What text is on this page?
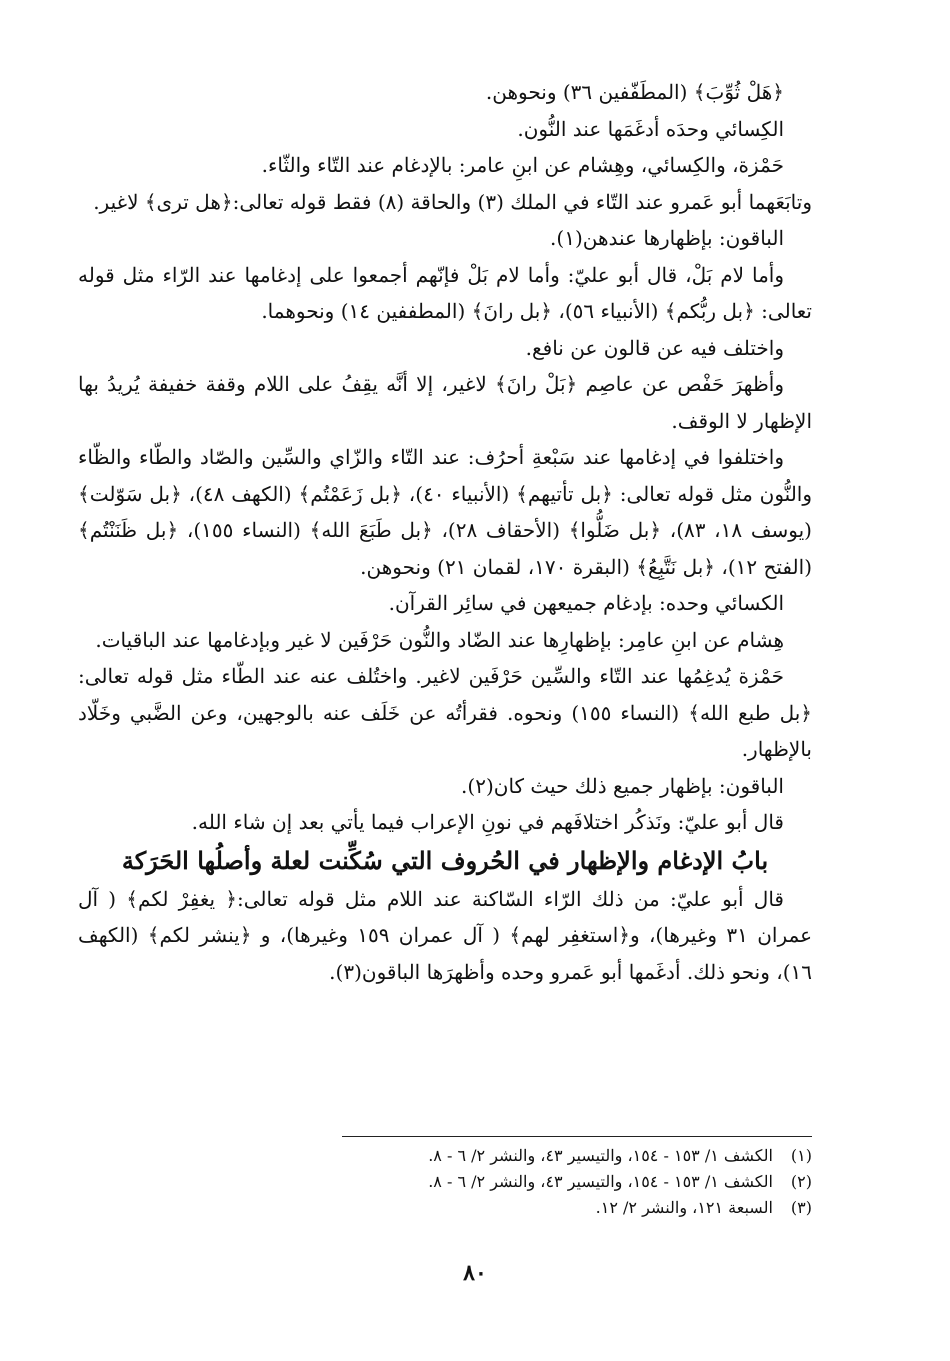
﴿هَلْ ثُوِّبَ﴾ (المطَفّفين ٣٦) ونحوهن.

الكِسائي وحدَه أدغَمَها عند النُّون.

حَمْزة، والكِسائي، وهِشام عن ابنِ عامر: بالإدغام عند التّاء والثّاء.

وتابَعَهما أبو عَمرو عند التّاء في الملك (٣) والحاقة (٨) فقط قوله تعالى:﴿هل ترى﴾ لاغير.

الباقون: بإظهارها عندهن(١).

وأما لام بَلْ، قال أبو عليّ: وأما لام بَلْ فإنّهم أجمعوا على إدغامها عند الرّاء مثل قوله تعالى: ﴿بل ربُّكم﴾ (الأنبياء ٥٦)، ﴿بل رانَ﴾ (المطففين ١٤) ونحوهما.

واختلف فيه عن قالون عن نافع.

وأظهرَ حَفْص عن عاصِم ﴿بَلْ رانَ﴾ لاغير، إلا أنَّه يقِفُ على اللام وقفة خفيفة يُريدُ بها الإظهار لا الوقف.

واختلفوا في إدغامها عند سَبْعةِ أحرُف: عند التّاء والزّاي والسِّين والصّاد والطّاء والظّاء والنُّون مثل قوله تعالى: ﴿بل تأتيهم﴾ (الأنبياء ٤٠)، ﴿بل زَعَمْتُم﴾ (الكهف ٤٨)، ﴿بل سَوّلت﴾ (يوسف ١٨، ٨٣)، ﴿بل ضَلُّوا﴾ (الأحقاف ٢٨)، ﴿بل طَبَعَ الله﴾ (النساء ١٥٥)، ﴿بل ظَنَنْتُم﴾ (الفتح ١٢)، ﴿بل نَتَّبِعُ﴾ (البقرة ١٧٠، لقمان ٢١) ونحوهن.

الكسائي وحده: بإدغام جميعهن في سائِر القرآن.

هِشام عن ابنِ عامِر: بإظهارِها عند الضّاد والنُّون حَرْفَين لا غير وبإدغامها عند الباقيات.

حَمْزة يُدغِمُها عند التّاء والسِّين حَرْفَين لاغير. واختُلف عنه عند الطّاء مثل قوله تعالى: ﴿بل طبع الله﴾ (النساء ١٥٥) ونحوه. فقرأتُه عن خَلَف عنه بالوجهين، وعن الضَّبي وخَلّاد بالإظهار.

الباقون: بإظهار جميع ذلك حيث كان(٢).

قال أبو عليّ: ونَذكُر اختلافَهم في نونِ الإعراب فيما يأتي بعد إن شاء الله.

بابُ الإدغام والإظهار في الحُروف التي سُكِّنت لعلة وأصلُها الحَرَكة

قال أبو عليّ: من ذلك الرّاء السّاكنة عند اللام مثل قوله تعالى:﴿ يغفِرْ لكم﴾ ( آل عمران ٣١ وغيرها)، و﴿استغفِر لهم﴾ ( آل عمران ١٥٩ وغيرها)، و ﴿ينشر لكم﴾ (الكهف ١٦)، ونحو ذلك. أدغَمها أبو عَمرو وحده وأظهرَها الباقون(٣).

(١) الكشف ١/ ١٥٣ - ١٥٤، والتيسير ٤٣، والنشر ٢/ ٦ - ٨.

(٢) الكشف ١/ ١٥٣ - ١٥٤، والتيسير ٤٣، والنشر ٢/ ٦ - ٨.

(٣) السبعة ١٢١، والنشر ٢/ ١٢.

٨٠
